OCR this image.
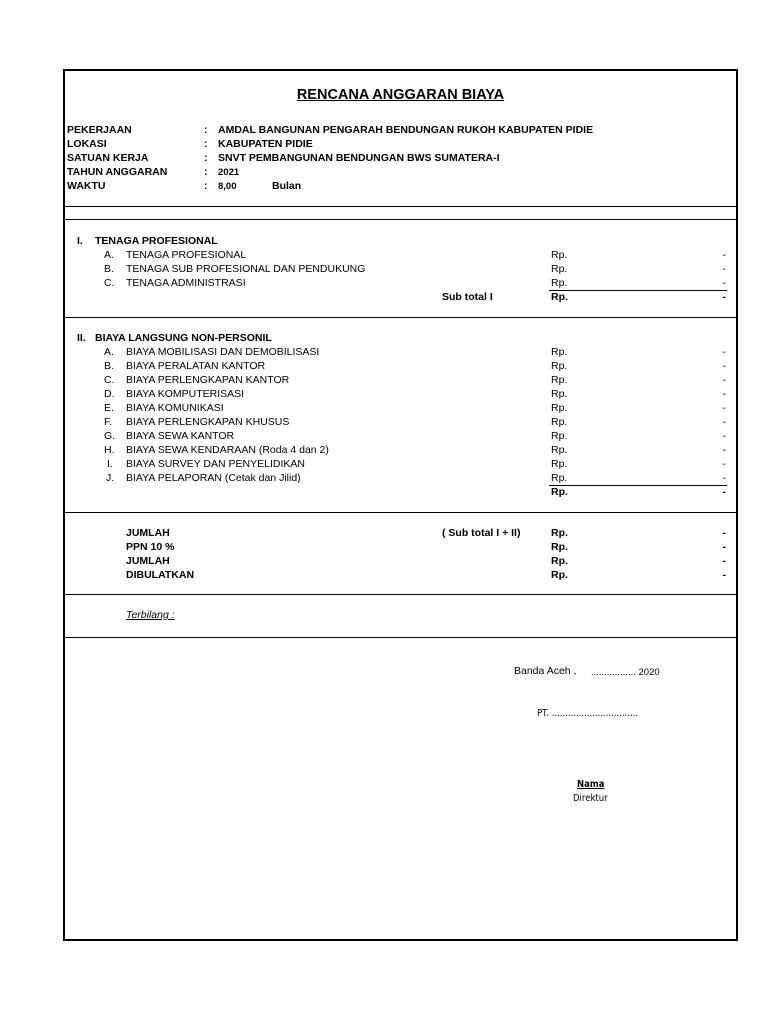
RENCANA ANGGARAN BIAYA
PEKERJAAN	: AMDAL BANGUNAN PENGARAH BENDUNGAN RUKOH KABUPATEN PIDIE
LOKASI	: KABUPATEN PIDIE
SATUAN KERJA	: SNVT PEMBANGUNAN BENDUNGAN BWS SUMATERA-I
TAHUN ANGGARAN	: 2021
WAKTU	: 8,00	Bulan
I. TENAGA PROFESIONAL
A. TENAGA PROFESIONAL	Rp.	-
B. TENAGA SUB PROFESIONAL DAN PENDUKUNG	Rp.	-
C. TENAGA ADMINISTRASI	Rp.	-
Sub total I	Rp.	-
II. BIAYA LANGSUNG NON-PERSONIL
A. BIAYA MOBILISASI DAN DEMOBILISASI	Rp.	-
B. BIAYA PERALATAN KANTOR	Rp.	-
C. BIAYA PERLENGKAPAN KANTOR	Rp.	-
D. BIAYA KOMPUTERISASI	Rp.	-
E. BIAYA KOMUNIKASI	Rp.	-
F. BIAYA PERLENGKAPAN KHUSUS	Rp.	-
G. BIAYA SEWA KANTOR	Rp.	-
H. BIAYA SEWA KENDARAAN (Roda 4 dan 2)	Rp.	-
I. BIAYA SURVEY DAN PENYELIDIKAN	Rp.	-
J. BIAYA PELAPORAN (Cetak dan Jilid)	Rp.	-
Rp.	-
JUMLAH	( Sub total I + II)	Rp.	-
PPN 10 %	Rp.	-
JUMLAH	Rp.	-
DIBULATKAN	Rp.	-
Terbilang :
Banda Aceh , ................. 2020
PT. ................................
Nama
Direktur
